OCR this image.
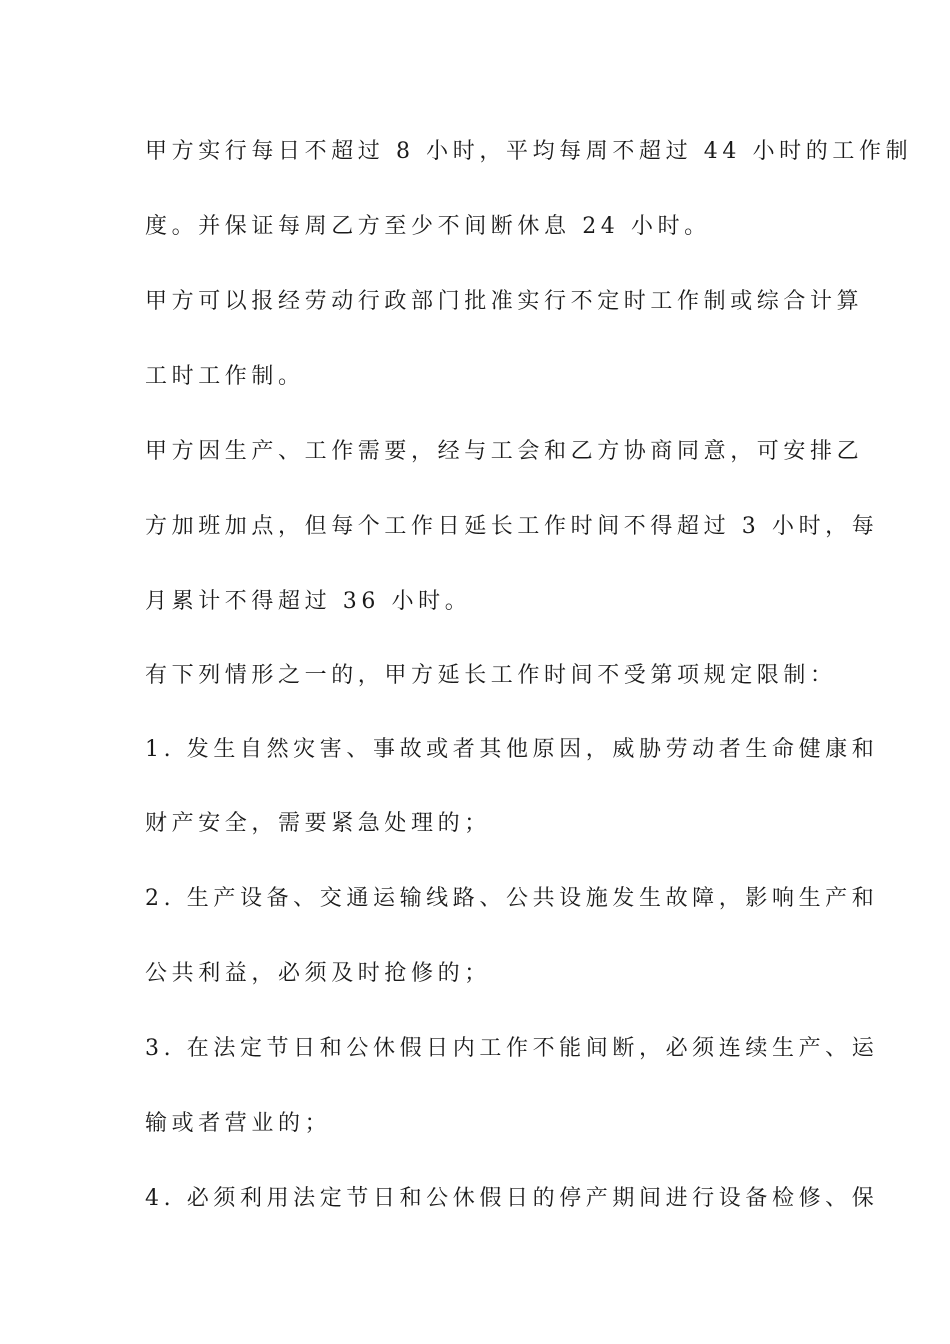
甲方实行每日不超过 8 小时，平均每周不超过 44 小时的工作制
度。并保证每周乙方至少不间断休息 24 小时。
甲方可以报经劳动行政部门批准实行不定时工作制或综合计算
工时工作制。
甲方因生产、工作需要，经与工会和乙方协商同意，可安排乙
方加班加点，但每个工作日延长工作时间不得超过 3 小时，每
月累计不得超过 36 小时。
有下列情形之一的，甲方延长工作时间不受第项规定限制：
1. 发生自然灾害、事故或者其他原因，威胁劳动者生命健康和
财产安全，需要紧急处理的；
2. 生产设备、交通运输线路、公共设施发生故障，影响生产和
公共利益，必须及时抢修的；
3. 在法定节日和公休假日内工作不能间断，必须连续生产、运
输或者营业的；
4. 必须利用法定节日和公休假日的停产期间进行设备检修、保
